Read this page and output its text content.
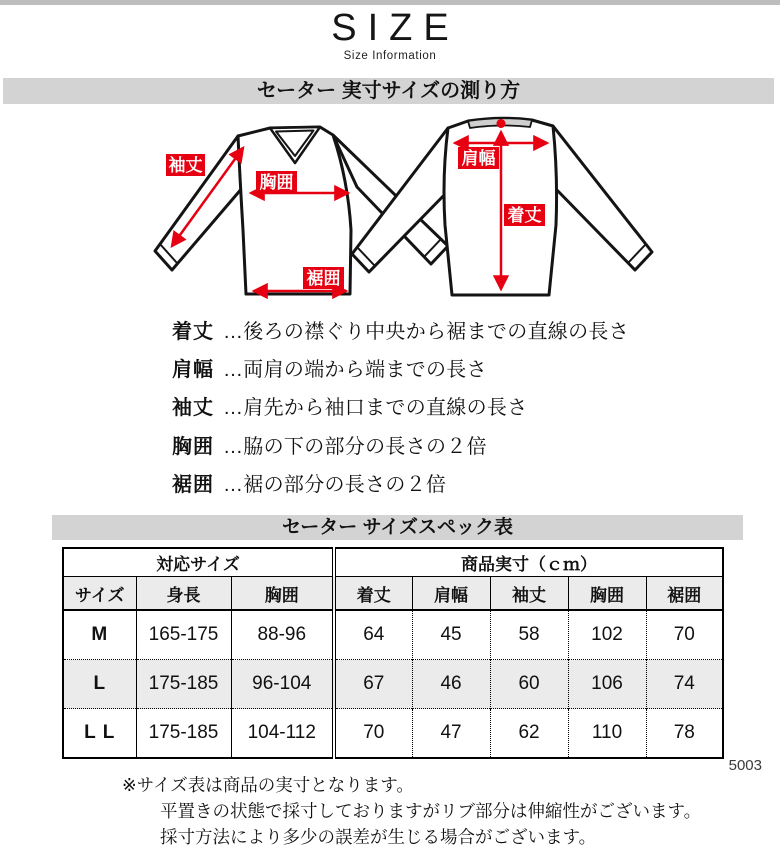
SIZE
Size Information
セーター 実寸サイズの測り方
袖丈
胸囲
裾囲
肩幅
着丈
着丈 …後ろの襟ぐり中央から裾までの直線の長さ
肩幅 …両肩の端から端までの長さ
袖丈 …肩先から袖口までの直線の長さ
胸囲 …脇の下の部分の長さの２倍
裾囲 …裾の部分の長さの２倍
セーター サイズスペック表
対応サイズ			商品実寸（ｃｍ）				
サイズ	身長	胸囲	着丈	肩幅	袖丈	胸囲	裾囲
M	165-175	88-96	64	45	58	102	70
L	175-185	96-104	67	46	60	106	74
L L	175-185	104-112	70	47	62	110	78
5003
※サイズ表は商品の実寸となります。
平置きの状態で採寸しておりますがリブ部分は伸縮性がございます。
採寸方法により多少の誤差が生じる場合がございます。
